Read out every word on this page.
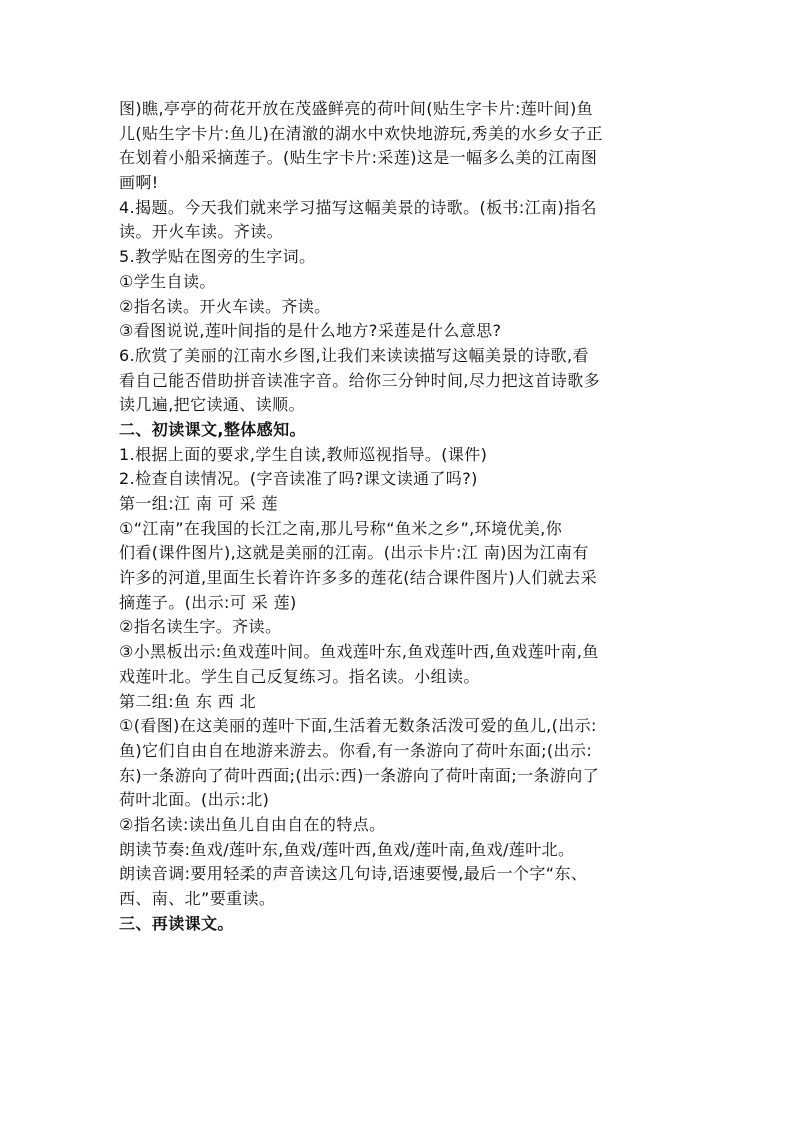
图)瞧,亭亭的荷花开放在茂盛鲜亮的荷叶间(贴生字卡片:莲叶间)鱼
儿(贴生字卡片:鱼儿)在清澈的湖水中欢快地游玩,秀美的水乡女子正
在划着小船采摘莲子。(贴生字卡片:采莲)这是一幅多么美的江南图
画啊!
4.揭题。今天我们就来学习描写这幅美景的诗歌。(板书:江南)指名
读。开火车读。齐读。
5.教学贴在图旁的生字词。
①学生自读。
②指名读。开火车读。齐读。
③看图说说,莲叶间指的是什么地方?采莲是什么意思?
6.欣赏了美丽的江南水乡图,让我们来读读描写这幅美景的诗歌,看
看自己能否借助拼音读准字音。给你三分钟时间,尽力把这首诗歌多
读几遍,把它读通、读顺。
二、初读课文,整体感知。
1.根据上面的要求,学生自读,教师巡视指导。(课件)
2.检查自读情况。(字音读准了吗?课文读通了吗?)
第一组:江 南 可 采 莲
①“江南”在我国的长江之南,那儿号称“鱼米之乡”,环境优美,你
们看(课件图片),这就是美丽的江南。(出示卡片:江 南)因为江南有
许多的河道,里面生长着许许多多的莲花(结合课件图片)人们就去采
摘莲子。(出示:可 采 莲)
②指名读生字。齐读。
③小黑板出示:鱼戏莲叶间。鱼戏莲叶东,鱼戏莲叶西,鱼戏莲叶南,鱼
戏莲叶北。学生自己反复练习。指名读。小组读。
第二组:鱼 东 西 北
①(看图)在这美丽的莲叶下面,生活着无数条活泼可爱的鱼儿,(出示:
鱼)它们自由自在地游来游去。你看,有一条游向了荷叶东面;(出示:
东)一条游向了荷叶西面;(出示:西)一条游向了荷叶南面;一条游向了
荷叶北面。(出示:北)
②指名读:读出鱼儿自由自在的特点。
朗读节奏:鱼戏/莲叶东,鱼戏/莲叶西,鱼戏/莲叶南,鱼戏/莲叶北。
朗读音调:要用轻柔的声音读这几句诗,语速要慢,最后一个字“东、
西、南、北”要重读。
三、再读课文。
